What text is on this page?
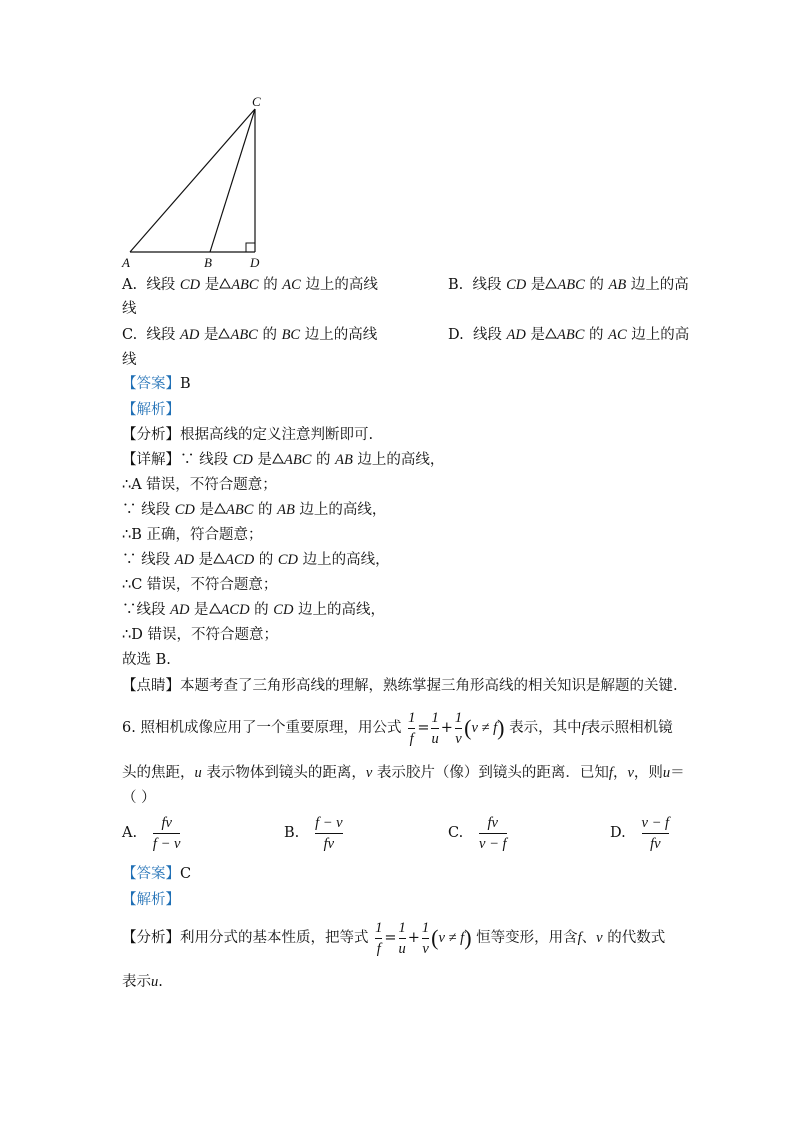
C
A	B	D
A. 线段 CD 是 ABC 的 AC 边上的高线	B. 线段 CD 是 ABC 的 AB 边上的高
线
C. 线段 AD 是 ABC 的 BC 边上的高线	D. 线段 AD 是 ABC 的 AC 边上的高
线
【答案】B
【解析】
【分析】根据高线的定义注意判断即可.
【详解】∵ 线段 CD 是 ABC 的 AB 边上的高线，
∴A 错误，不符合题意；
∵ 线段 CD 是 ABC 的 AB 边上的高线，
∴B 正确，符合题意；
∵ 线段 AD 是 ACD 的 CD 边上的高线，
∴C 错误，不符合题意；
∵线段 AD 是 ACD 的 CD 边上的高线，
∴D 错误，不符合题意；
故选 B.
【点睛】本题考查了三角形高线的理解，熟练掌握三角形高线的相关知识是解题的关键.
6. 照相机成像应用了一个重要原理，用公式 $\frac{1}{f} = \frac{1}{u} + \frac{1}{v} (v \ne f)$ 表示，其中f表示照相机镜
头的焦距，u 表示物体到镜头的距离，v 表示胶片（像）到镜头的距离．已知f，v，则u＝
（ ）
A. $\frac{fv}{f - v}$	B. $\frac{f - v}{fv}$	C. $\frac{fv}{v - f}$	D. $\frac{v - f}{fv}$
【答案】C
【解析】
【分析】利用分式的基本性质，把等式 $\frac{1}{f} = \frac{1}{u} + \frac{1}{v} (v \ne f)$ 恒等变形，用含f、v 的代数式
表示u.
